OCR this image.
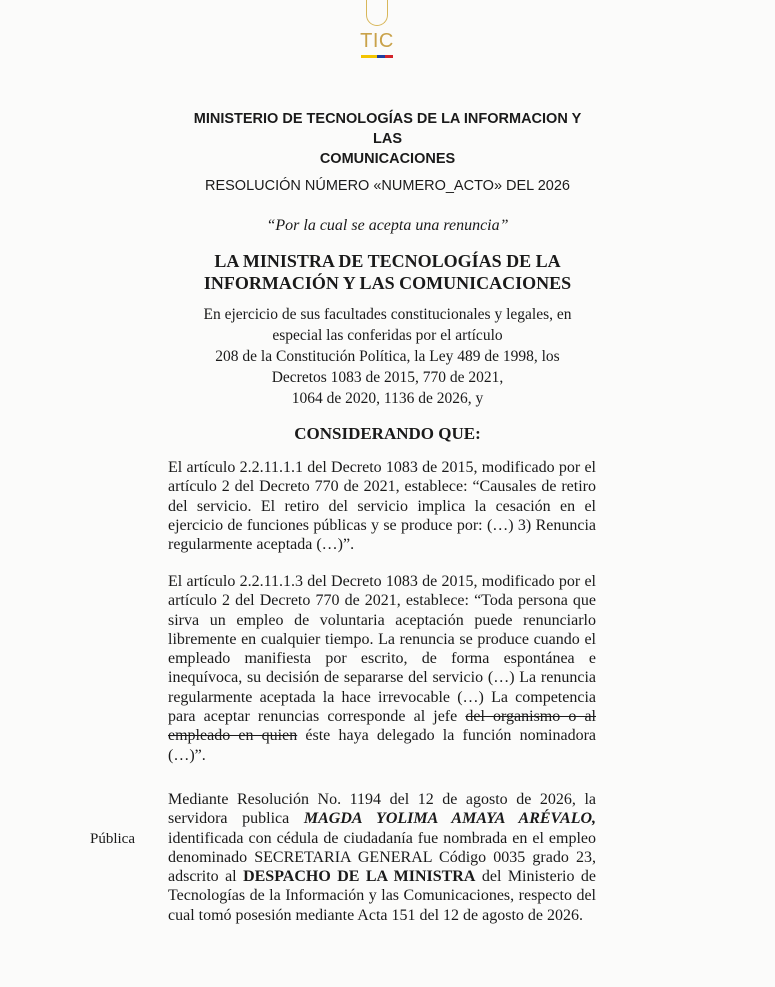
TIC
MINISTERIO DE TECNOLOGÍAS DE LA INFORMACION Y
LAS
COMUNICACIONES
RESOLUCIÓN NÚMERO «NUMERO_ACTO» DEL 2026
“Por la cual se acepta una renuncia”
LA MINISTRA DE TECNOLOGÍAS DE LA
INFORMACIÓN Y LAS COMUNICACIONES
En ejercicio de sus facultades constitucionales y legales, en
especial las conferidas por el artículo
208 de la Constitución Política, la Ley 489 de 1998, los
Decretos 1083 de 2015, 770 de 2021,
1064 de 2020, 1136 de 2026, y
CONSIDERANDO QUE:
El artículo 2.2.11.1.1 del Decreto 1083 de 2015, modificado por el artículo 2 del Decreto 770 de 2021, establece: “Causales de retiro del servicio. El retiro del servicio implica la cesación en el ejercicio de funciones públicas y se produce por: (…) 3) Renuncia regularmente aceptada (…)”.
El artículo 2.2.11.1.3 del Decreto 1083 de 2015, modificado por el artículo 2 del Decreto 770 de 2021, establece: “Toda persona que sirva un empleo de voluntaria aceptación puede renunciarlo libremente en cualquier tiempo. La renuncia se produce cuando el empleado manifiesta por escrito, de forma espontánea e inequívoca, su decisión de separarse del servicio (…) La renuncia regularmente aceptada la hace irrevocable (…) La competencia para aceptar renuncias corresponde al jefe del organismo o al empleado en quien éste haya delegado la función nominadora (…)”.
Pública
Mediante Resolución No. 1194 del 12 de agosto de 2026, la servidora publica MAGDA YOLIMA AMAYA ARÉVALO, identificada con cédula de ciudadanía fue nombrada en el empleo denominado SECRETARIA GENERAL Código 0035 grado 23, adscrito al DESPACHO DE LA MINISTRA del Ministerio de Tecnologías de la Información y las Comunicaciones, respecto del cual tomó posesión mediante Acta 151 del 12 de agosto de 2026.
